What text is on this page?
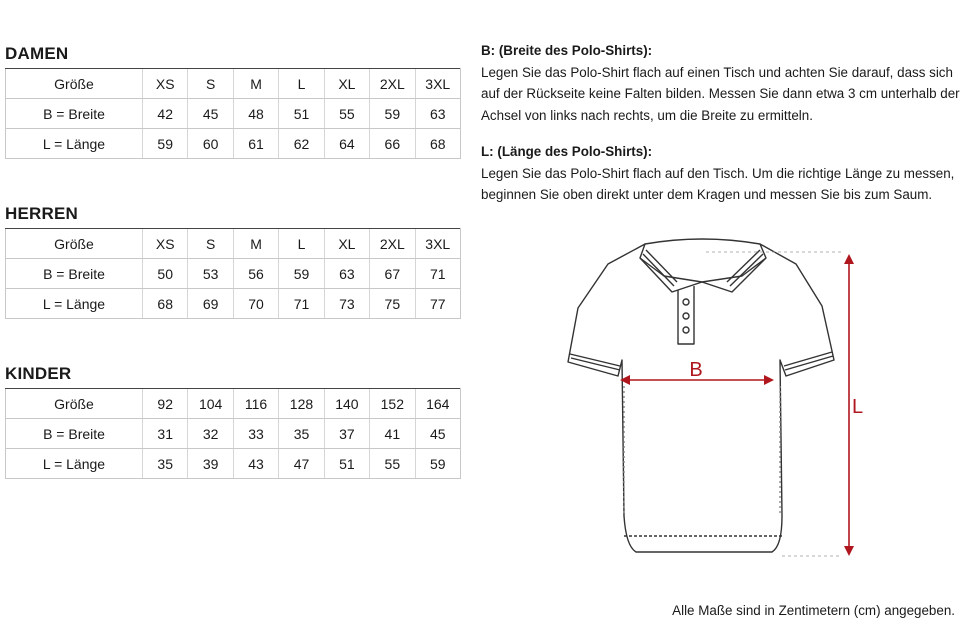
DAMEN
Größe	XS	S	M	L	XL	2XL	3XL
B = Breite	42	45	48	51	55	59	63
L = Länge	59	60	61	62	64	66	68
HERREN
Größe	XS	S	M	L	XL	2XL	3XL
B = Breite	50	53	56	59	63	67	71
L = Länge	68	69	70	71	73	75	77
KINDER
Größe	92	104	116	128	140	152	164
B = Breite	31	32	33	35	37	41	45
L = Länge	35	39	43	47	51	55	59

B: (Breite des Polo-Shirts):

Legen Sie das Polo-Shirt flach auf einen Tisch und achten Sie darauf, dass sich auf der Rückseite keine Falten bilden. Messen Sie dann etwa 3 cm unterhalb der Achsel von links nach rechts, um die Breite zu ermitteln.

L: (Länge des Polo-Shirts):

Legen Sie das Polo-Shirt flach auf den Tisch. Um die richtige Länge zu messen, beginnen Sie oben direkt unter dem Kragen und messen Sie bis zum Saum.

B
L
Alle Maße sind in Zentimetern (cm) angegeben.
